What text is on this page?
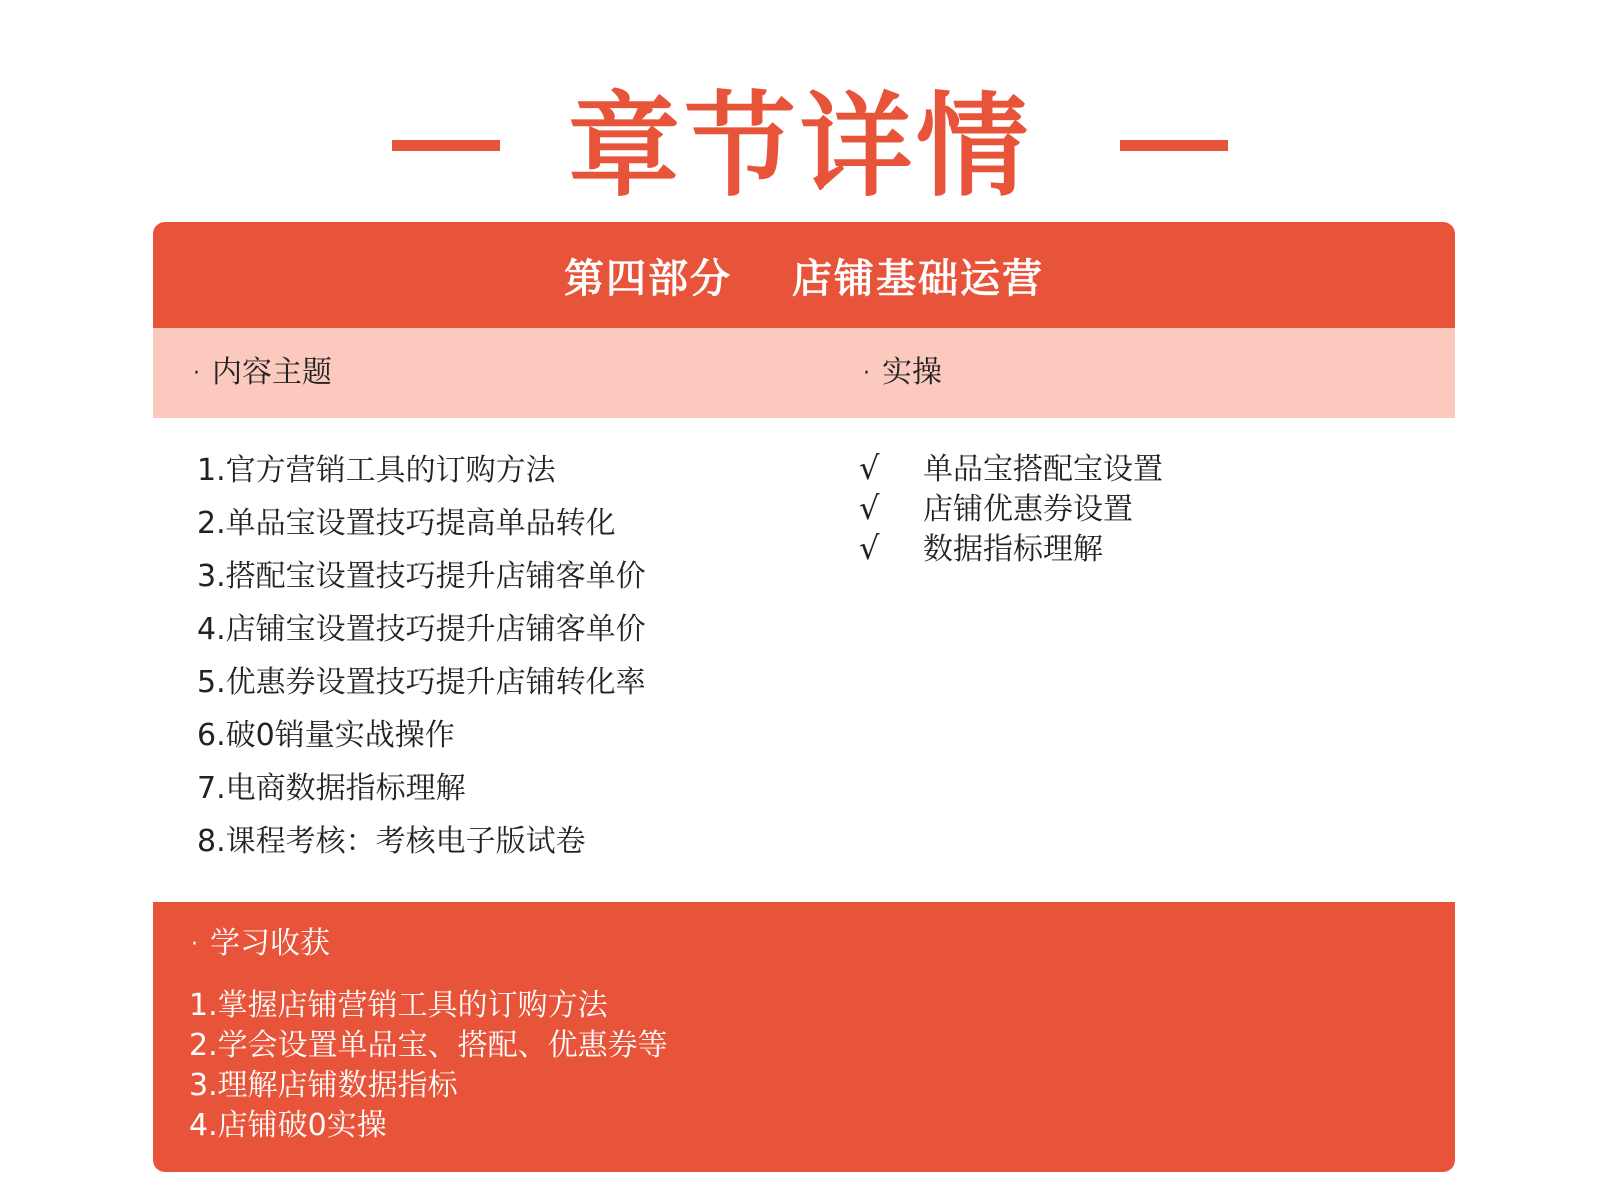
章节详情
第四部分 店铺基础运营
· 内容主题	· 实操
1.官方营销工具的订购方法
2.单品宝设置技巧提高单品转化
3.搭配宝设置技巧提升店铺客单价
4.店铺宝设置技巧提升店铺客单价
5.优惠券设置技巧提升店铺转化率
6.破0销量实战操作
7.电商数据指标理解
8.课程考核：考核电子版试卷
√ 单品宝搭配宝设置
√ 店铺优惠券设置
√ 数据指标理解
· 学习收获
1.掌握店铺营销工具的订购方法
2.学会设置单品宝、搭配、优惠券等
3.理解店铺数据指标
4.店铺破0实操
